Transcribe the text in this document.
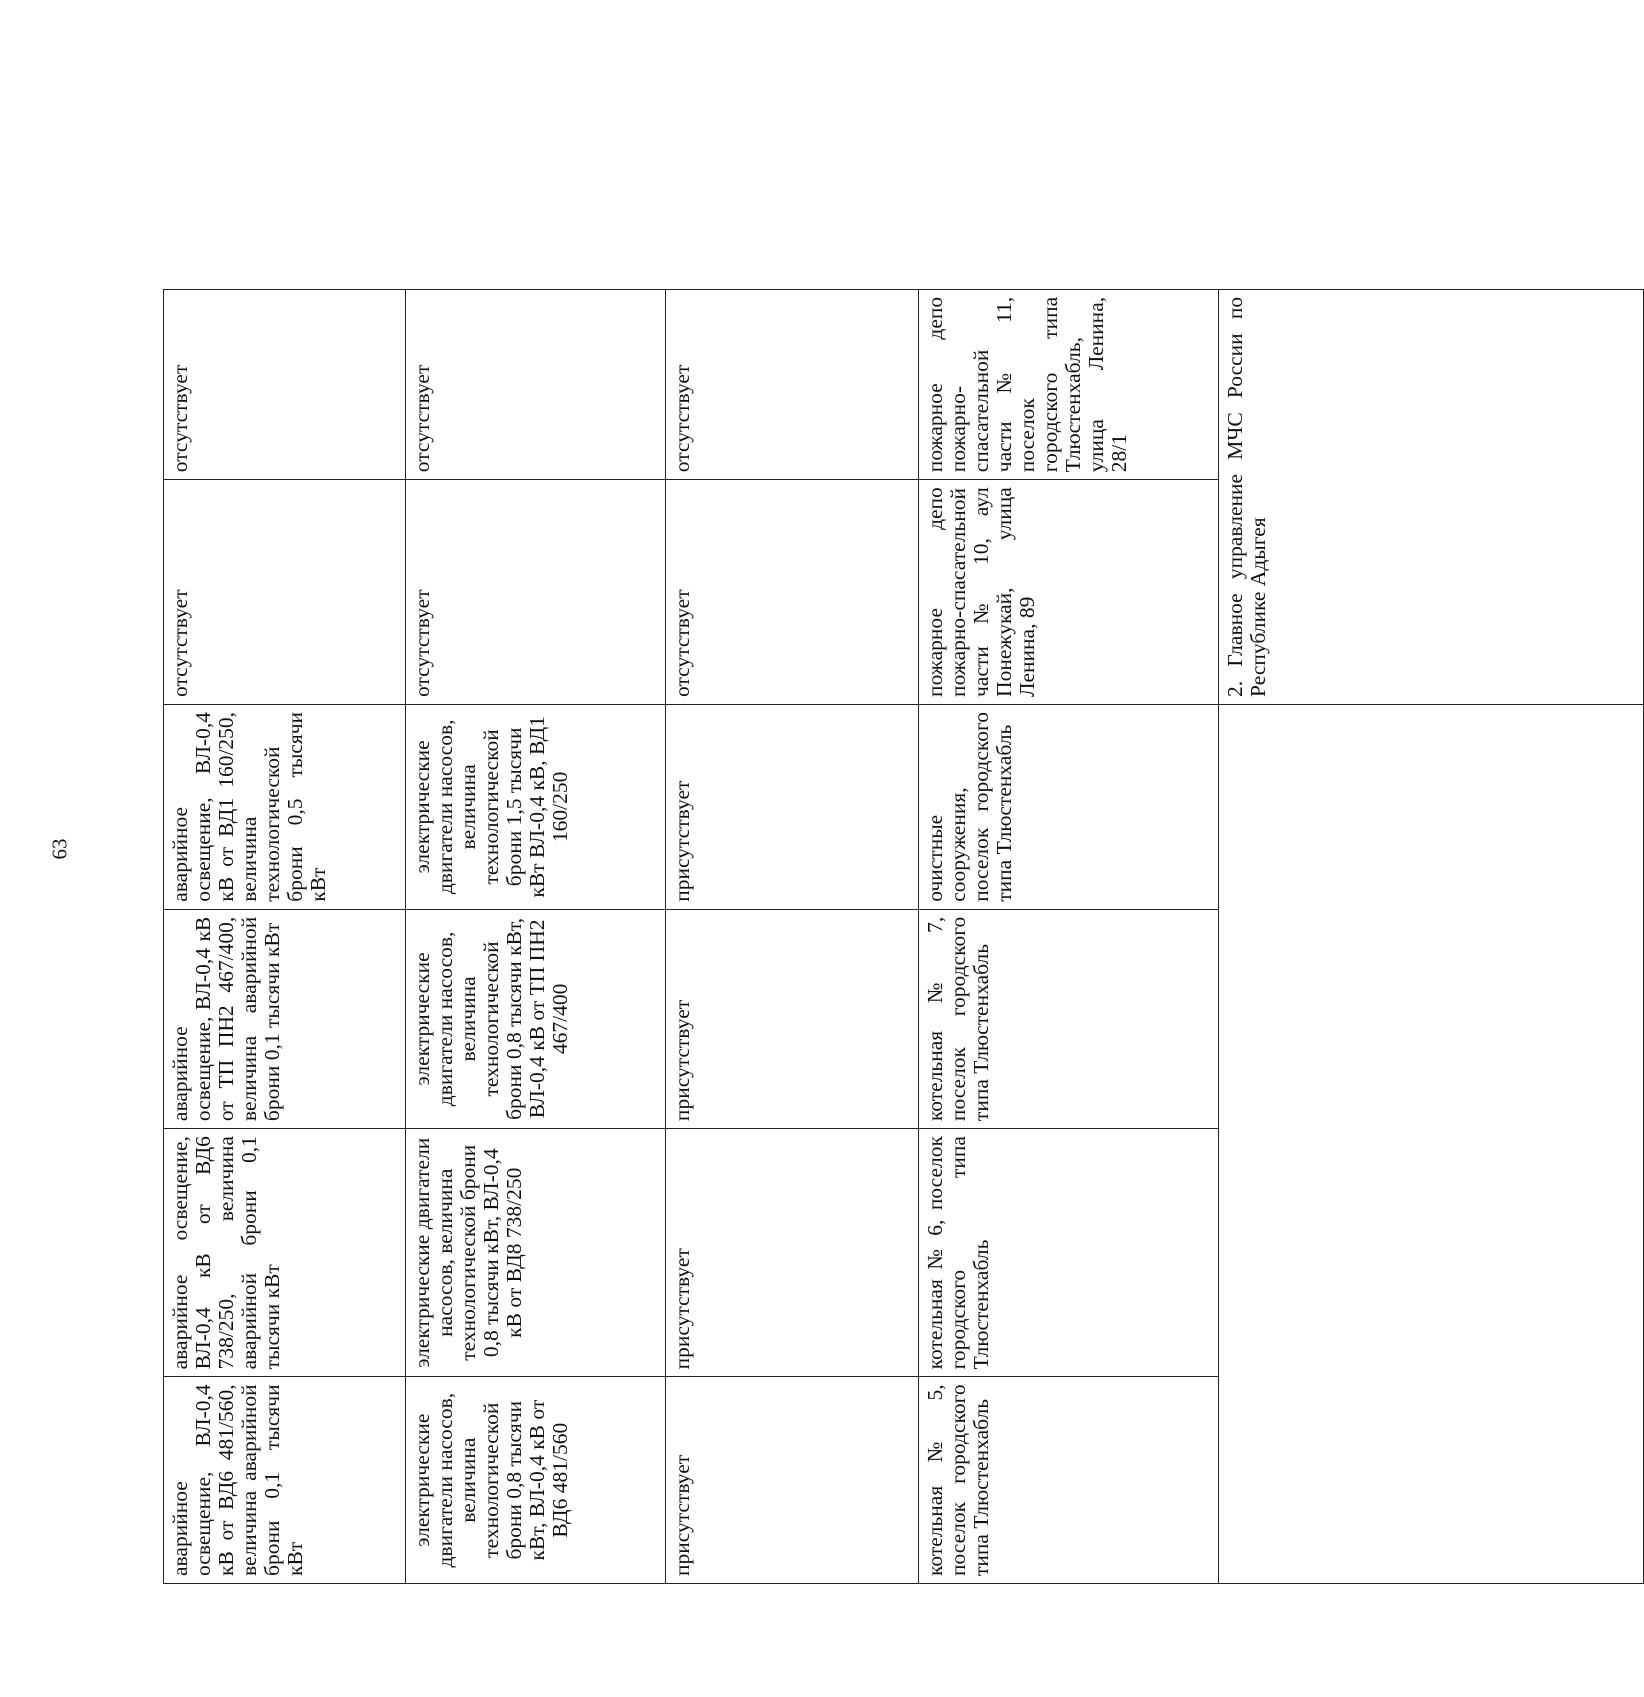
63
аварийное освещение, ВЛ-0,4 кВ от ВД6 481/560, величина аварийной брони 0,1 тысячи кВт	аварийное освещение, ВЛ-0,4 кВ от ВД6 738/250, величина аварийной брони 0,1 тысячи кВт	аварийное освещение, ВЛ-0,4 кВ от ТП ПН2 467/400, величина аварийной брони 0,1 тысячи кВт	аварийное освещение, ВЛ-0,4 кВ от ВД1 160/250, величина технологической брони 0,5 тысячи кВт	отсутствует	отсутствует
электрические двигатели насосов, величина технологической брони 0,8 тысячи кВт, ВЛ-0,4 кВ от ВД6 481/560	электрические двигатели насосов, величина технологической брони 0,8 тысячи кВт, ВЛ-0,4 кВ от ВД8 738/250	электрические двигатели насосов, величина технологической брони 0,8 тысячи кВт, ВЛ-0,4 кВ от ТП ПН2 467/400	электрические двигатели насосов, величина технологической брони 1,5 тысячи кВт ВЛ-0,4 кВ, ВД1 160/250	отсутствует	отсутствует
присутствует	присутствует	присутствует	присутствует	отсутствует	отсутствует
котельная № 5, поселок городского типа Тлюстенхабль	котельная № 6, поселок городского типа Тлюстенхабль	котельная № 7, поселок городского типа Тлюстенхабль	очистные сооружения, поселок городского типа Тлюстенхабль	пожарное депо пожарно-спасательной части № 10, аул Понежукай, улица Ленина, 89	пожарное депо пожарно-спасательной части № 11, поселок городского типа Тлюстенхабль, улица Ленина, 28/1
				2. Главное управление МЧС России по Республике Адыгея	
